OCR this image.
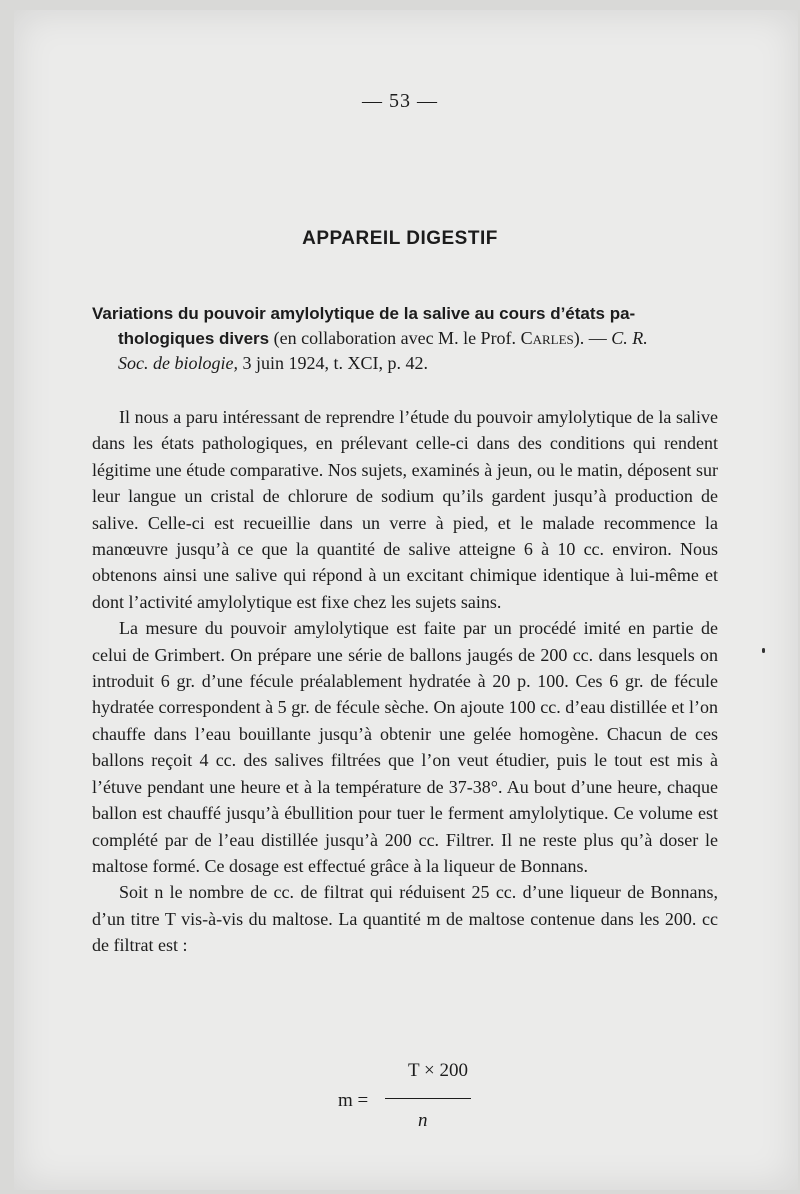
— 53 —
APPAREIL DIGESTIF
Variations du pouvoir amylolytique de la salive au cours d’états pa-
thologiques divers (en collaboration avec M. le Prof. Carles). — C. R.
Soc. de biologie, 3 juin 1924, t. XCI, p. 42.

Il nous a paru intéressant de reprendre l’étude du pouvoir amylolytique de la salive dans les états pathologiques, en prélevant celle-ci dans des conditions qui rendent légitime une étude comparative. Nos sujets, examinés à jeun, ou le matin, déposent sur leur langue un cristal de chlorure de sodium qu’ils gardent jusqu’à production de salive. Celle-ci est recueillie dans un verre à pied, et le malade recommence la manœuvre jusqu’à ce que la quantité de salive atteigne 6 à 10 cc. environ. Nous obtenons ainsi une salive qui répond à un excitant chimique identique à lui-même et dont l’activité amylolytique est fixe chez les sujets sains.

La mesure du pouvoir amylolytique est faite par un procédé imité en partie de celui de Grimbert. On prépare une série de ballons jaugés de 200 cc. dans lesquels on introduit 6 gr. d’une fécule préalablement hydratée à 20 p. 100. Ces 6 gr. de fécule hydratée correspondent à 5 gr. de fécule sèche. On ajoute 100 cc. d’eau distillée et l’on chauffe dans l’eau bouillante jusqu’à obtenir une gelée homogène. Chacun de ces ballons reçoit 4 cc. des salives filtrées que l’on veut étudier, puis le tout est mis à l’étuve pendant une heure et à la température de 37-38°. Au bout d’une heure, chaque ballon est chauffé jusqu’à ébullition pour tuer le ferment amylolytique. Ce volume est complété par de l’eau distillée jusqu’à 200 cc. Filtrer. Il ne reste plus qu’à doser le maltose formé. Ce dosage est effectué grâce à la liqueur de Bonnans.

Soit n le nombre de cc. de filtrat qui réduisent 25 cc. d’une liqueur de Bonnans, d’un titre T vis-à-vis du maltose. La quantité m de maltose contenue dans les 200. cc de filtrat est :

m =
T × 200
n
